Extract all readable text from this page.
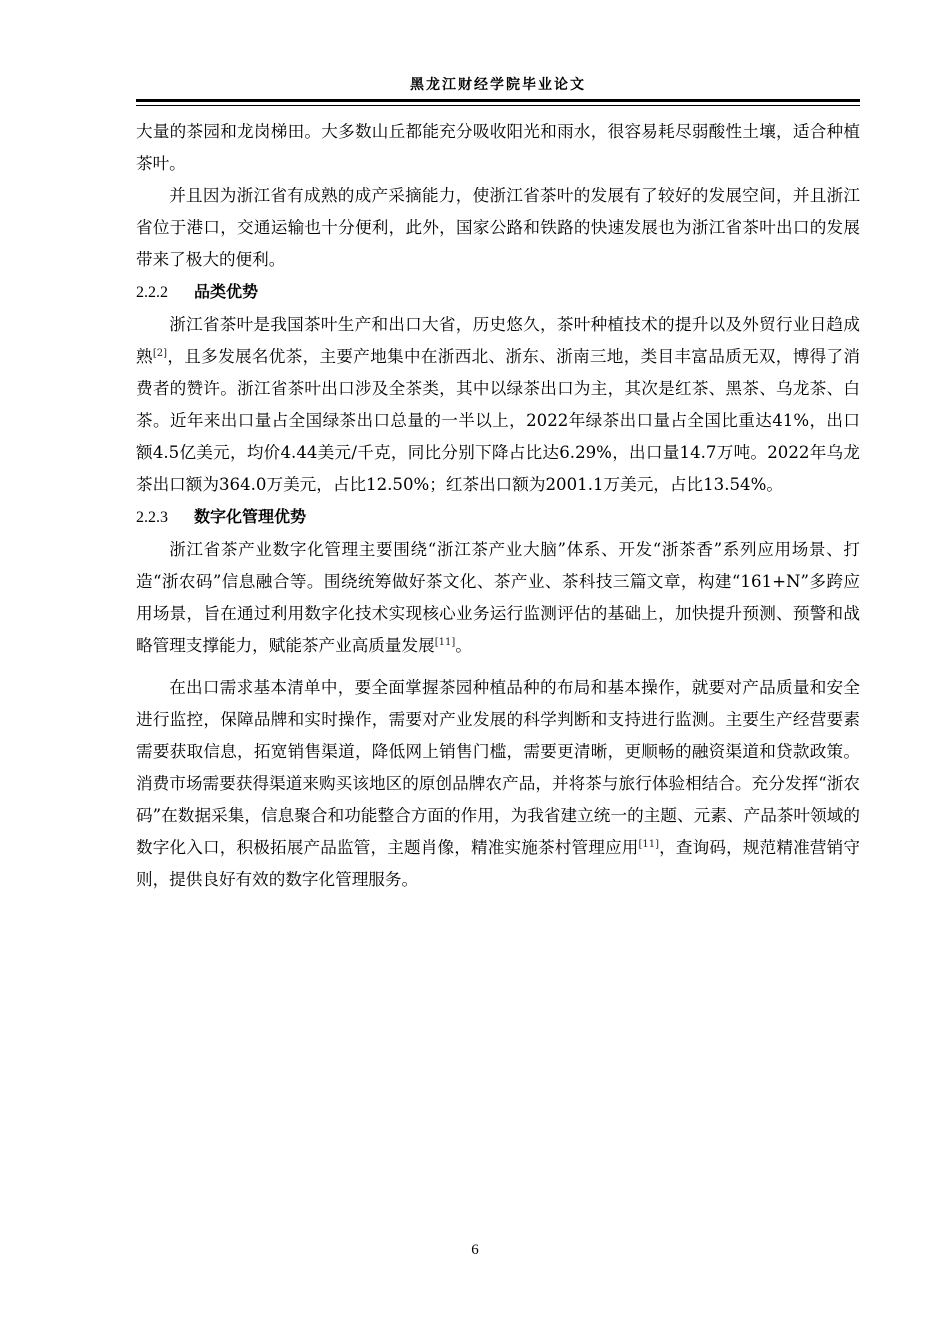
黑龙江财经学院毕业论文

大量的茶园和龙岗梯田。大多数山丘都能充分吸收阳光和雨水，很容易耗尽弱酸性土壤，适合种植茶叶。

并且因为浙江省有成熟的成产采摘能力，使浙江省茶叶的发展有了较好的发展空间，并且浙江省位于港口，交通运输也十分便利，此外，国家公路和铁路的快速发展也为浙江省茶叶出口的发展带来了极大的便利。

2.2.2 品类优势

浙江省茶叶是我国茶叶生产和出口大省，历史悠久，茶叶种植技术的提升以及外贸行业日趋成熟[2]，且多发展名优茶，主要产地集中在浙西北、浙东、浙南三地，类目丰富品质无双，博得了消费者的赞许。浙江省茶叶出口涉及全茶类，其中以绿茶出口为主，其次是红茶、黑茶、乌龙茶、白茶。近年来出口量占全国绿茶出口总量的一半以上，2022年绿茶出口量占全国比重达41%，出口额4.5亿美元，均价4.44美元/千克，同比分别下降占比达6.29%，出口量14.7万吨。2022年乌龙茶出口额为364.0万美元，占比12.50%；红茶出口额为2001.1万美元，占比13.54%。

2.2.3 数字化管理优势

浙江省茶产业数字化管理主要围绕“浙江茶产业大脑”体系、开发“浙茶香”系列应用场景、打造“浙农码”信息融合等。围绕统筹做好茶文化、茶产业、茶科技三篇文章，构建“161+N”多跨应用场景，旨在通过利用数字化技术实现核心业务运行监测评估的基础上，加快提升预测、预警和战略管理支撑能力，赋能茶产业高质量发展[11]。

在出口需求基本清单中，要全面掌握茶园种植品种的布局和基本操作，就要对产品质量和安全进行监控，保障品牌和实时操作，需要对产业发展的科学判断和支持进行监测。主要生产经营要素需要获取信息，拓宽销售渠道，降低网上销售门槛，需要更清晰，更顺畅的融资渠道和贷款政策。消费市场需要获得渠道来购买该地区的原创品牌农产品，并将茶与旅行体验相结合。充分发挥“浙农码”在数据采集，信息聚合和功能整合方面的作用，为我省建立统一的主题、元素、产品茶叶领域的数字化入口，积极拓展产品监管，主题肖像，精准实施茶村管理应用[11]，查询码，规范精准营销守则，提供良好有效的数字化管理服务。

6
